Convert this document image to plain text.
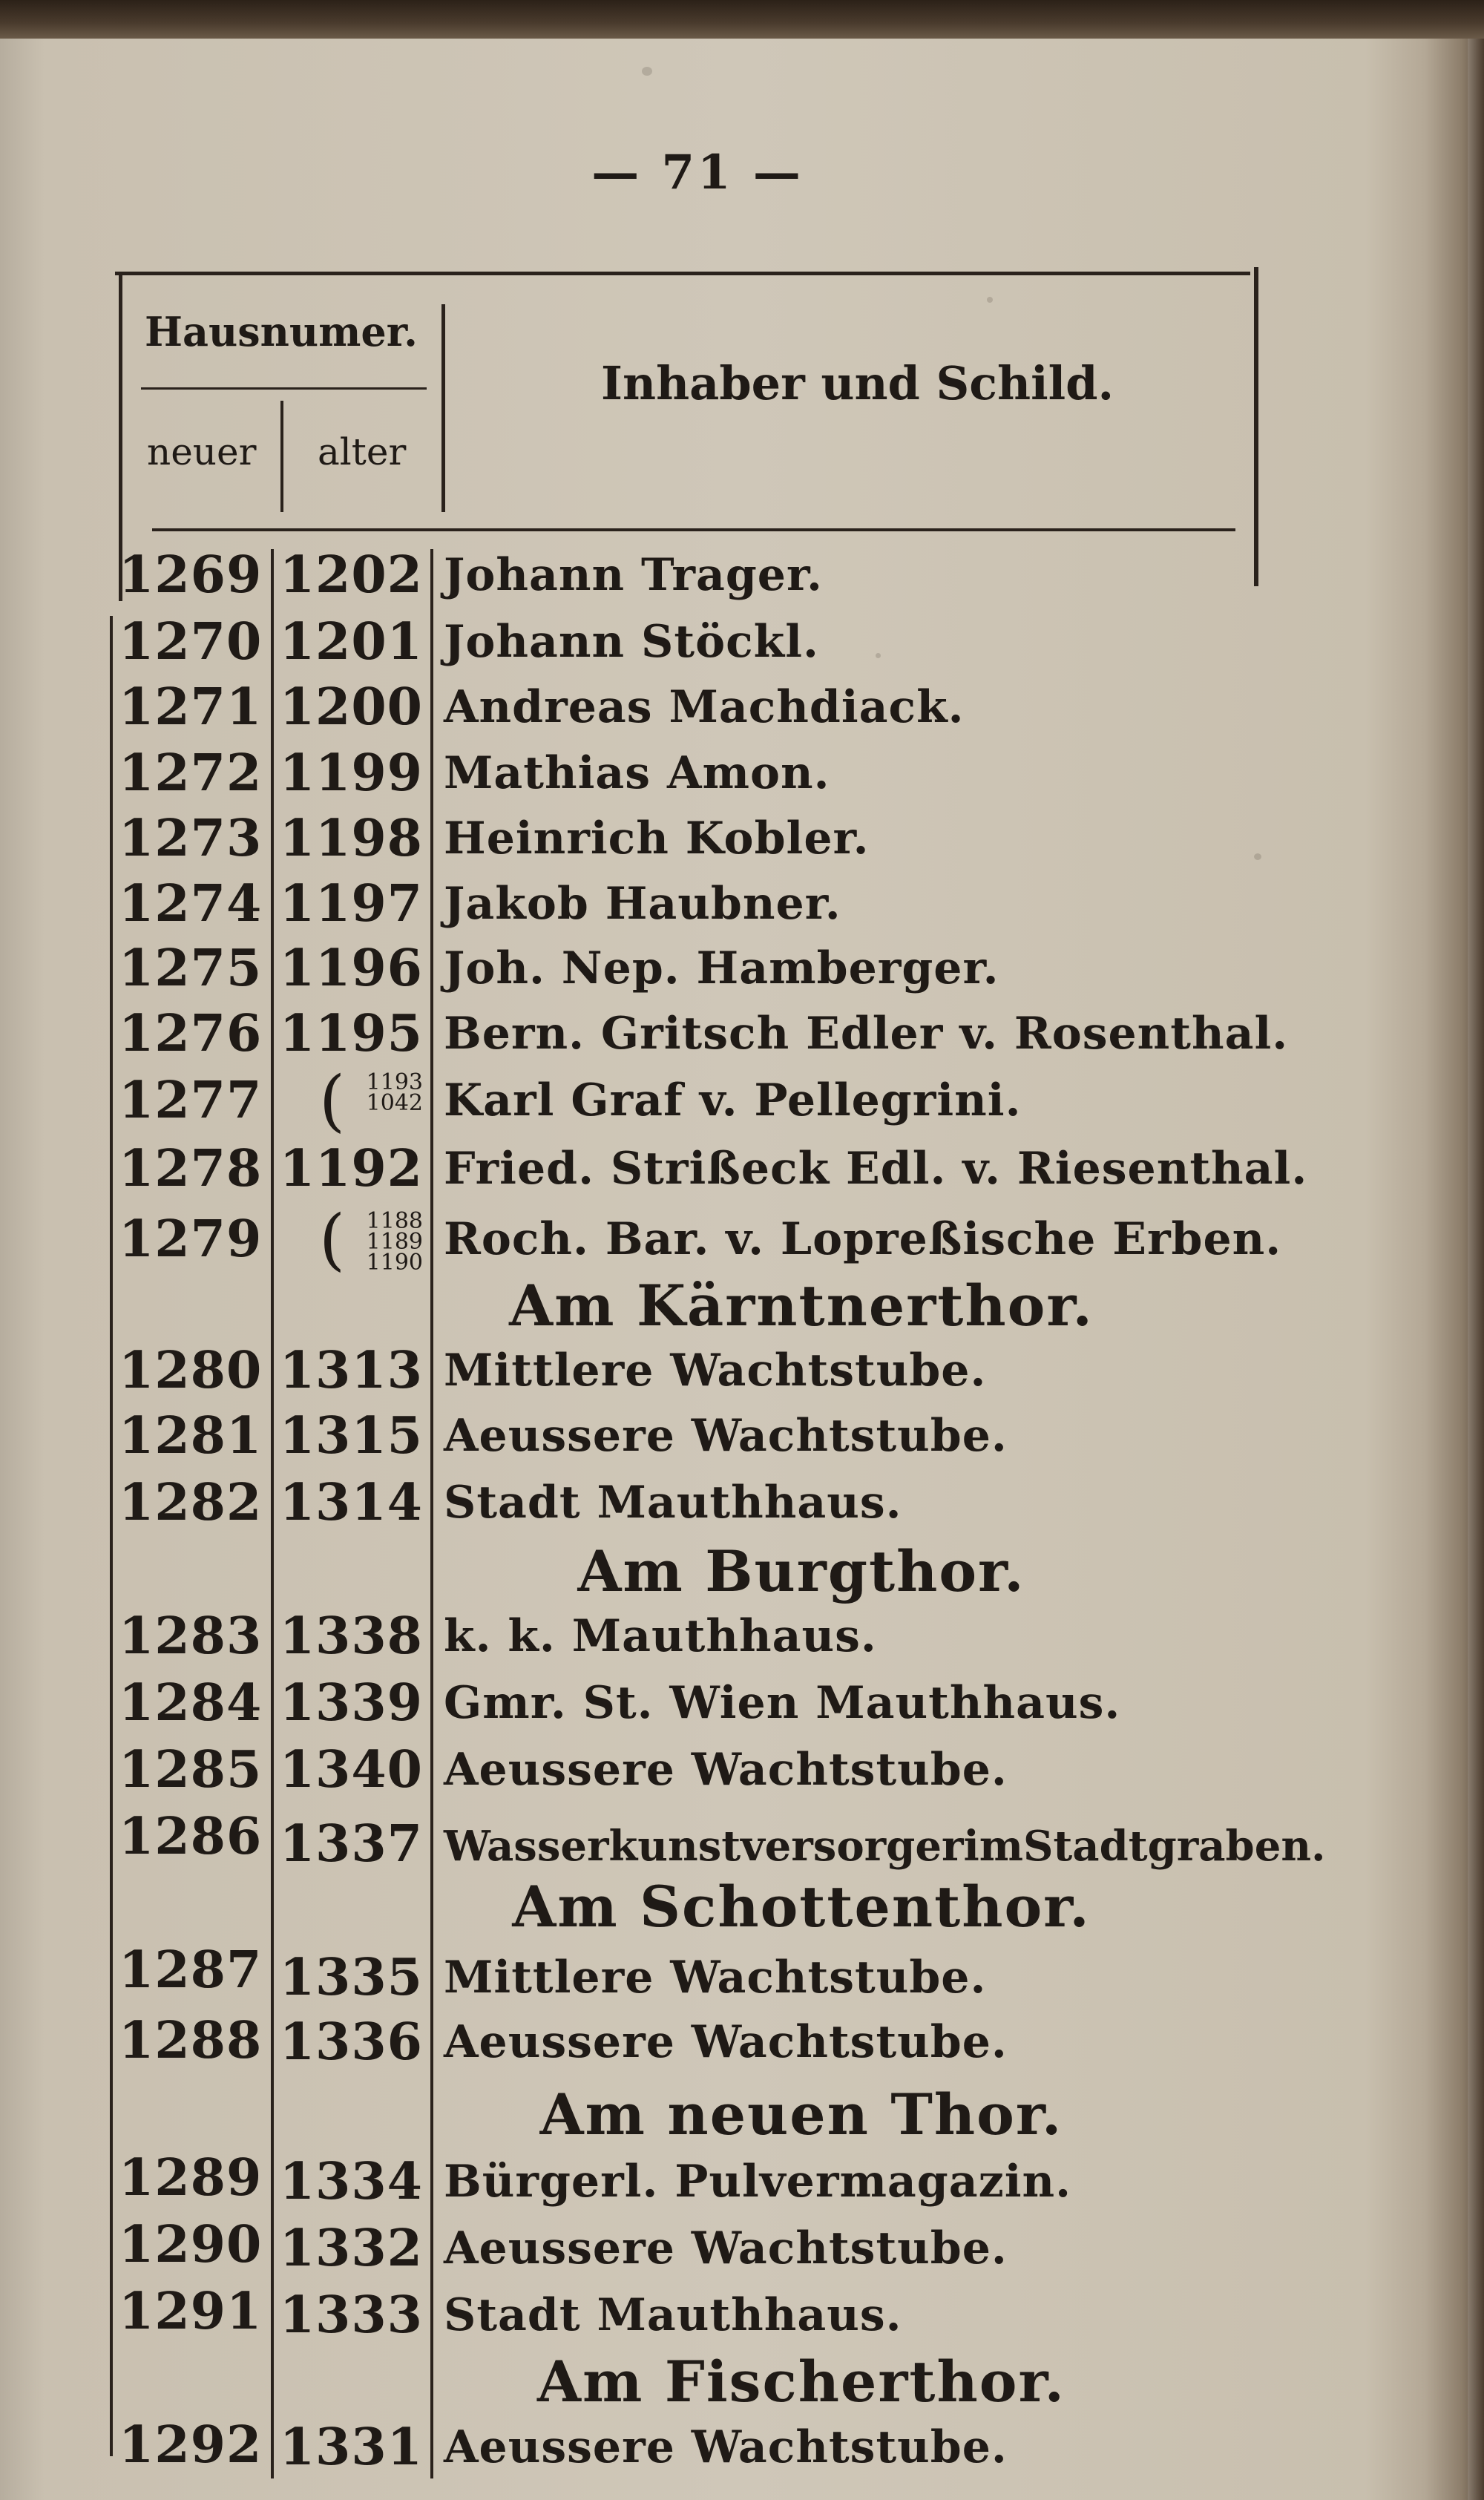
— 71 —
Hausnumer.
neuer alter
Inhaber und Schild.
1269 1202 Johann Trager.
1270 1201 Johann Stöckl.
1271 1200 Andreas Machdiack.
1272 1199 Mathias Amon.
1273 1198 Heinrich Kobler.
1274 1197 Jakob Haubner.
1275 1196 Joh. Nep. Hamberger.
1276 1195 Bern. Gritsch Edler v. Rosenthal.
1277 ( 1193
1042 Karl Graf v. Pellegrini.
1278 1192 Fried. Strißeck Edl. v. Riesenthal.
1279 ( 1188
1189
1190 Roch. Bar. v. Lopreßische Erben.
Am Kärntnerthor.
1280 1313 Mittlere Wachtstube.
1281 1315 Aeussere Wachtstube.
1282 1314 Stadt Mauthhaus.
Am Burgthor.
1283 1338 k. k. Mauthhaus.
1284 1339 Gmr. St. Wien Mauthhaus.
1285 1340 Aeussere Wachtstube.
1286 1337 WasserkunstversorgerimStadtgraben.
Am Schottenthor.
1287 1335 Mittlere Wachtstube.
1288 1336 Aeussere Wachtstube.
Am neuen Thor.
1289 1334 Bürgerl. Pulvermagazin.
1290 1332 Aeussere Wachtstube.
1291 1333 Stadt Mauthhaus.
Am Fischerthor.
1292 1331 Aeussere Wachtstube.
